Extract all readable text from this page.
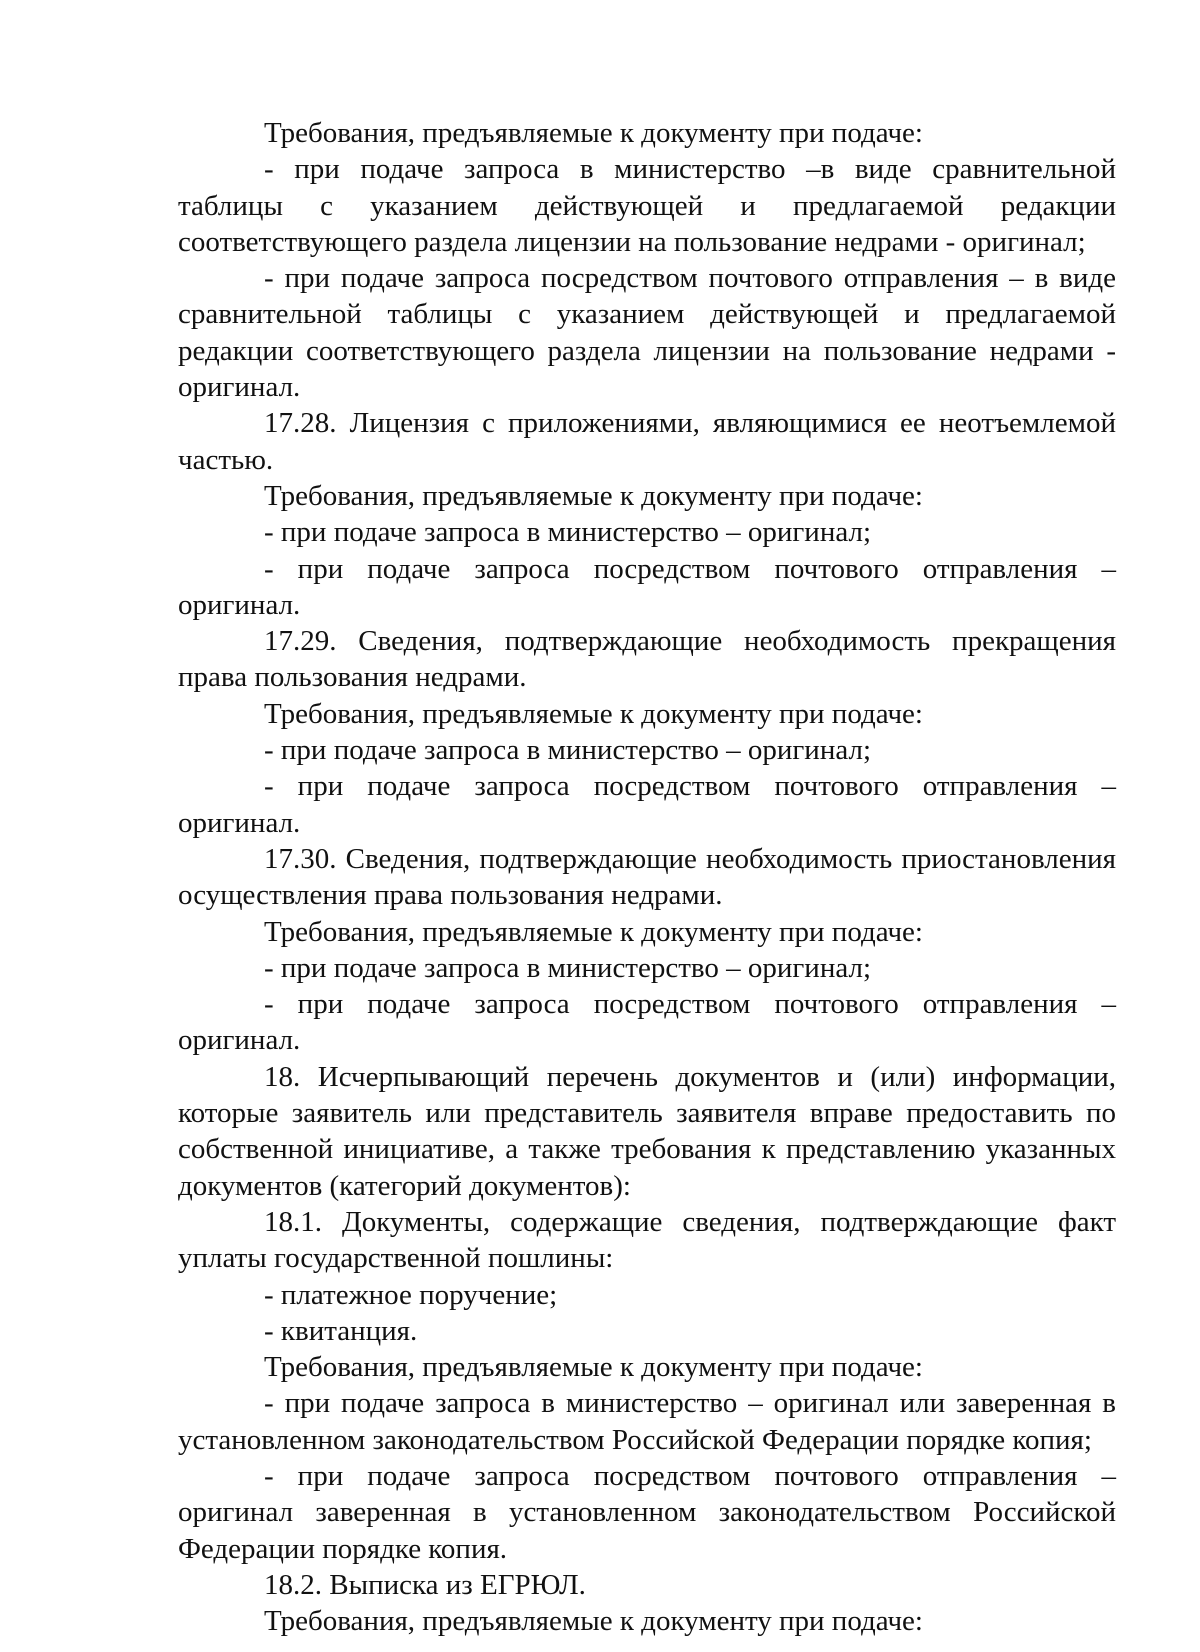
Требования, предъявляемые к документу при подаче:

- при подаче запроса в министерство –в виде сравнительной таблицы с указанием действующей и предлагаемой редакции соответствующего раздела лицензии на пользование недрами - оригинал;

- при подаче запроса посредством почтового отправления – в виде сравнительной таблицы с указанием действующей и предлагаемой редакции соответствующего раздела лицензии на пользование недрами - оригинал.

17.28. Лицензия с приложениями, являющимися ее неотъемлемой частью.

Требования, предъявляемые к документу при подаче:

- при подаче запроса в министерство – оригинал;

- при подаче запроса посредством почтового отправления – оригинал.

17.29. Сведения, подтверждающие необходимость прекращения права пользования недрами.

Требования, предъявляемые к документу при подаче:

- при подаче запроса в министерство – оригинал;

- при подаче запроса посредством почтового отправления – оригинал.

17.30. Сведения, подтверждающие необходимость приостановления осуществления права пользования недрами.

Требования, предъявляемые к документу при подаче:

- при подаче запроса в министерство – оригинал;

- при подаче запроса посредством почтового отправления – оригинал.

18. Исчерпывающий перечень документов и (или) информации, которые заявитель или представитель заявителя вправе предоставить по собственной инициативе, а также требования к представлению указанных документов (категорий документов):

18.1. Документы, содержащие сведения, подтверждающие факт уплаты государственной пошлины:

- платежное поручение;

- квитанция.

Требования, предъявляемые к документу при подаче:

- при подаче запроса в министерство – оригинал или заверенная в установленном законодательством Российской Федерации порядке копия;

- при подаче запроса посредством почтового отправления – оригинал заверенная в установленном законодательством Российской Федерации порядке копия.

18.2. Выписка из ЕГРЮЛ.

Требования, предъявляемые к документу при подаче:
